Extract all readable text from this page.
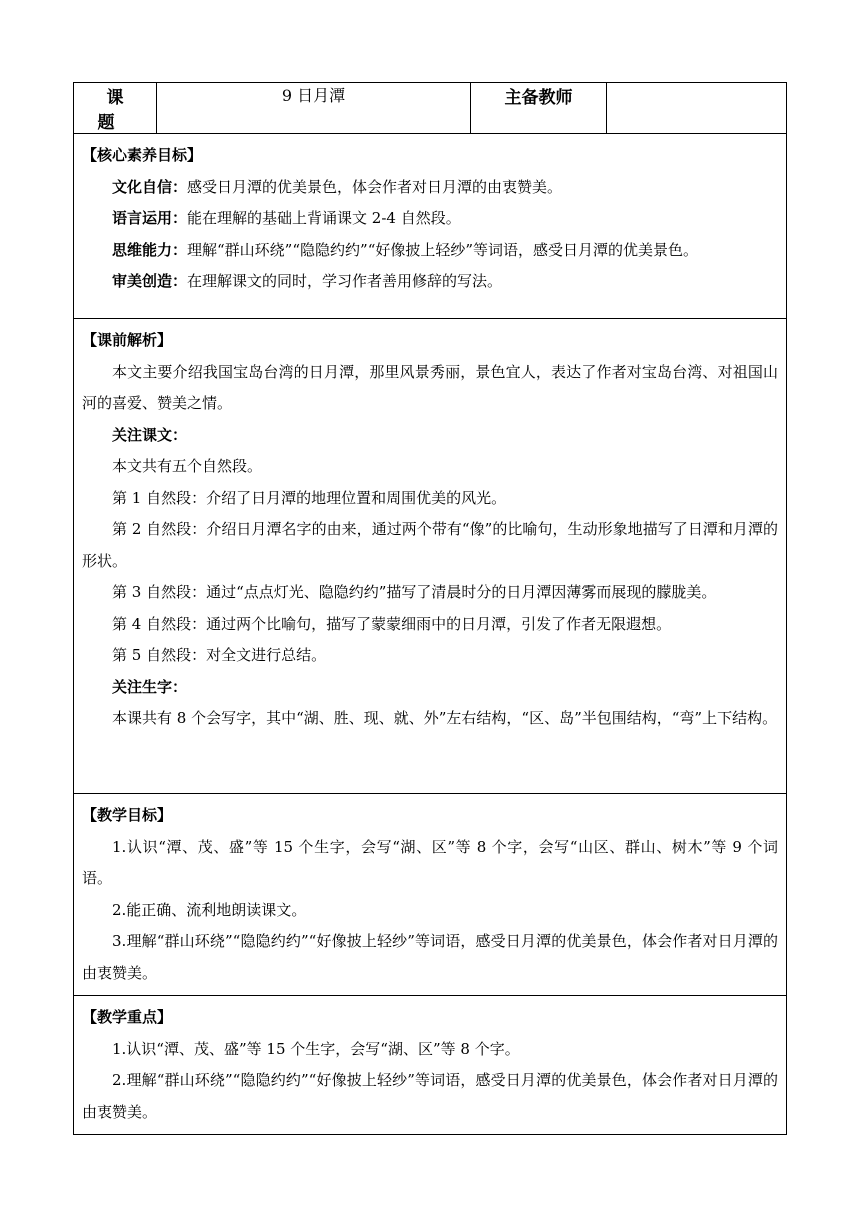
课题	9 日月潭	主备教师	

【核心素养目标】

文化自信：感受日月潭的优美景色，体会作者对日月潭的由衷赞美。

语言运用：能在理解的基础上背诵课文 2-4 自然段。

思维能力：理解“群山环绕”“隐隐约约”“好像披上轻纱”等词语，感受日月潭的优美景色。

审美创造：在理解课文的同时，学习作者善用修辞的写法。

【课前解析】

本文主要介绍我国宝岛台湾的日月潭，那里风景秀丽，景色宜人，表达了作者对宝岛台湾、对祖国山河的喜爱、赞美之情。

关注课文：

本文共有五个自然段。

第 1 自然段：介绍了日月潭的地理位置和周围优美的风光。

第 2 自然段：介绍日月潭名字的由来，通过两个带有“像”的比喻句，生动形象地描写了日潭和月潭的形状。

第 3 自然段：通过“点点灯光、隐隐约约”描写了清晨时分的日月潭因薄雾而展现的朦胧美。

第 4 自然段：通过两个比喻句，描写了蒙蒙细雨中的日月潭，引发了作者无限遐想。

第 5 自然段：对全文进行总结。

关注生字：

本课共有 8 个会写字，其中“湖、胜、现、就、外”左右结构，“区、岛”半包围结构，“弯”上下结构。

【教学目标】

1.认识“潭、茂、盛”等 15 个生字，会写“湖、区”等 8 个字，会写“山区、群山、树木”等 9 个词语。

2.能正确、流利地朗读课文。

3.理解“群山环绕”“隐隐约约”“好像披上轻纱”等词语，感受日月潭的优美景色，体会作者对日月潭的由衷赞美。

【教学重点】

1.认识“潭、茂、盛”等 15 个生字，会写“湖、区”等 8 个字。

2.理解“群山环绕”“隐隐约约”“好像披上轻纱”等词语，感受日月潭的优美景色，体会作者对日月潭的由衷赞美。
